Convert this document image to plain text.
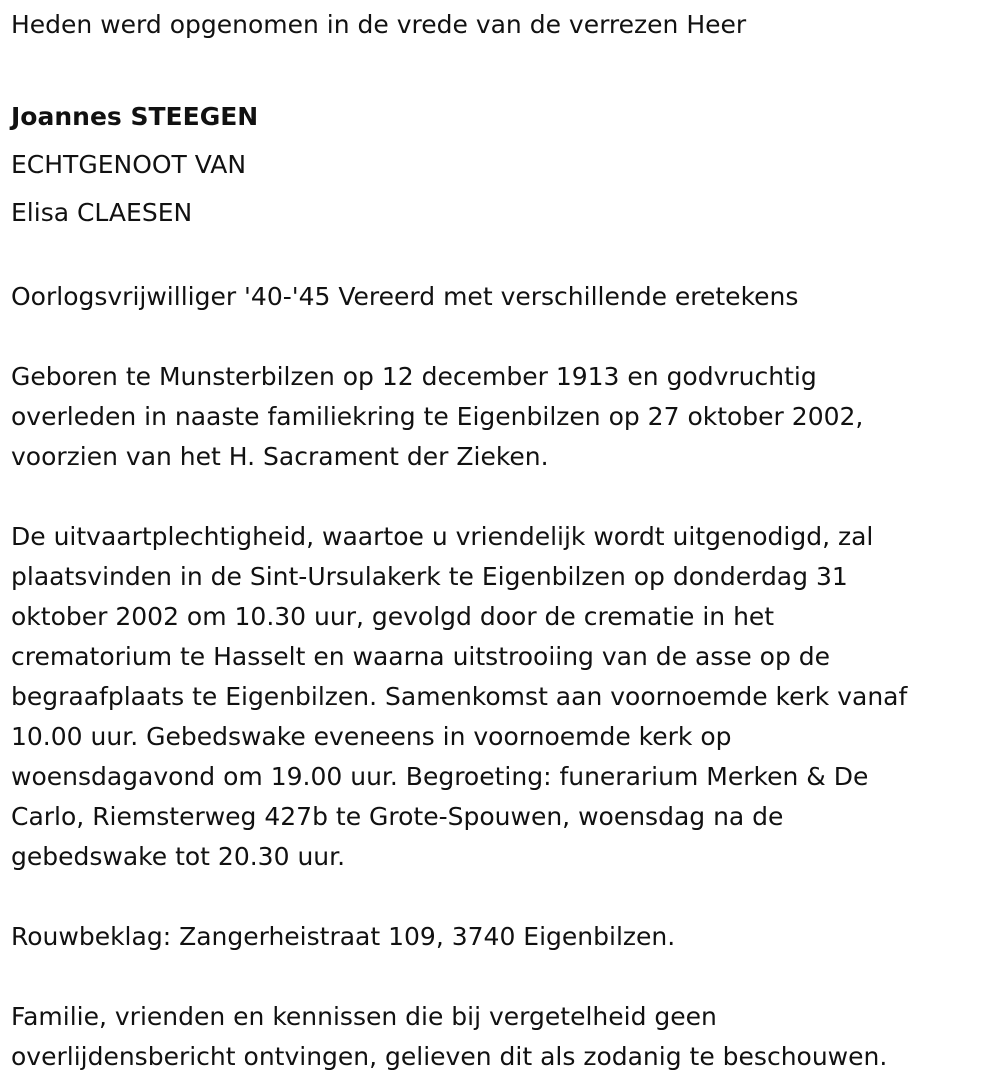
Heden werd opgenomen in de vrede van de verrezen Heer

Joannes STEEGEN

ECHTGENOOT VAN

Elisa CLAESEN

Oorlogsvrijwilliger '40-'45 Vereerd met verschillende eretekens

Geboren te Munsterbilzen op 12 december 1913 en godvruchtig

overleden in naaste familiekring te Eigenbilzen op 27 oktober 2002,

voorzien van het H. Sacrament der Zieken.

De uitvaartplechtigheid, waartoe u vriendelijk wordt uitgenodigd, zal

plaatsvinden in de Sint-Ursulakerk te Eigenbilzen op donderdag 31

oktober 2002 om 10.30 uur, gevolgd door de crematie in het

crematorium te Hasselt en waarna uitstrooiing van de asse op de

begraafplaats te Eigenbilzen. Samenkomst aan voornoemde kerk vanaf

10.00 uur. Gebedswake eveneens in voornoemde kerk op

woensdagavond om 19.00 uur. Begroeting: funerarium Merken & De

Carlo, Riemsterweg 427b te Grote-Spouwen, woensdag na de

gebedswake tot 20.30 uur.

Rouwbeklag: Zangerheistraat 109, 3740 Eigenbilzen.

Familie, vrienden en kennissen die bij vergetelheid geen

overlijdensbericht ontvingen, gelieven dit als zodanig te beschouwen.
